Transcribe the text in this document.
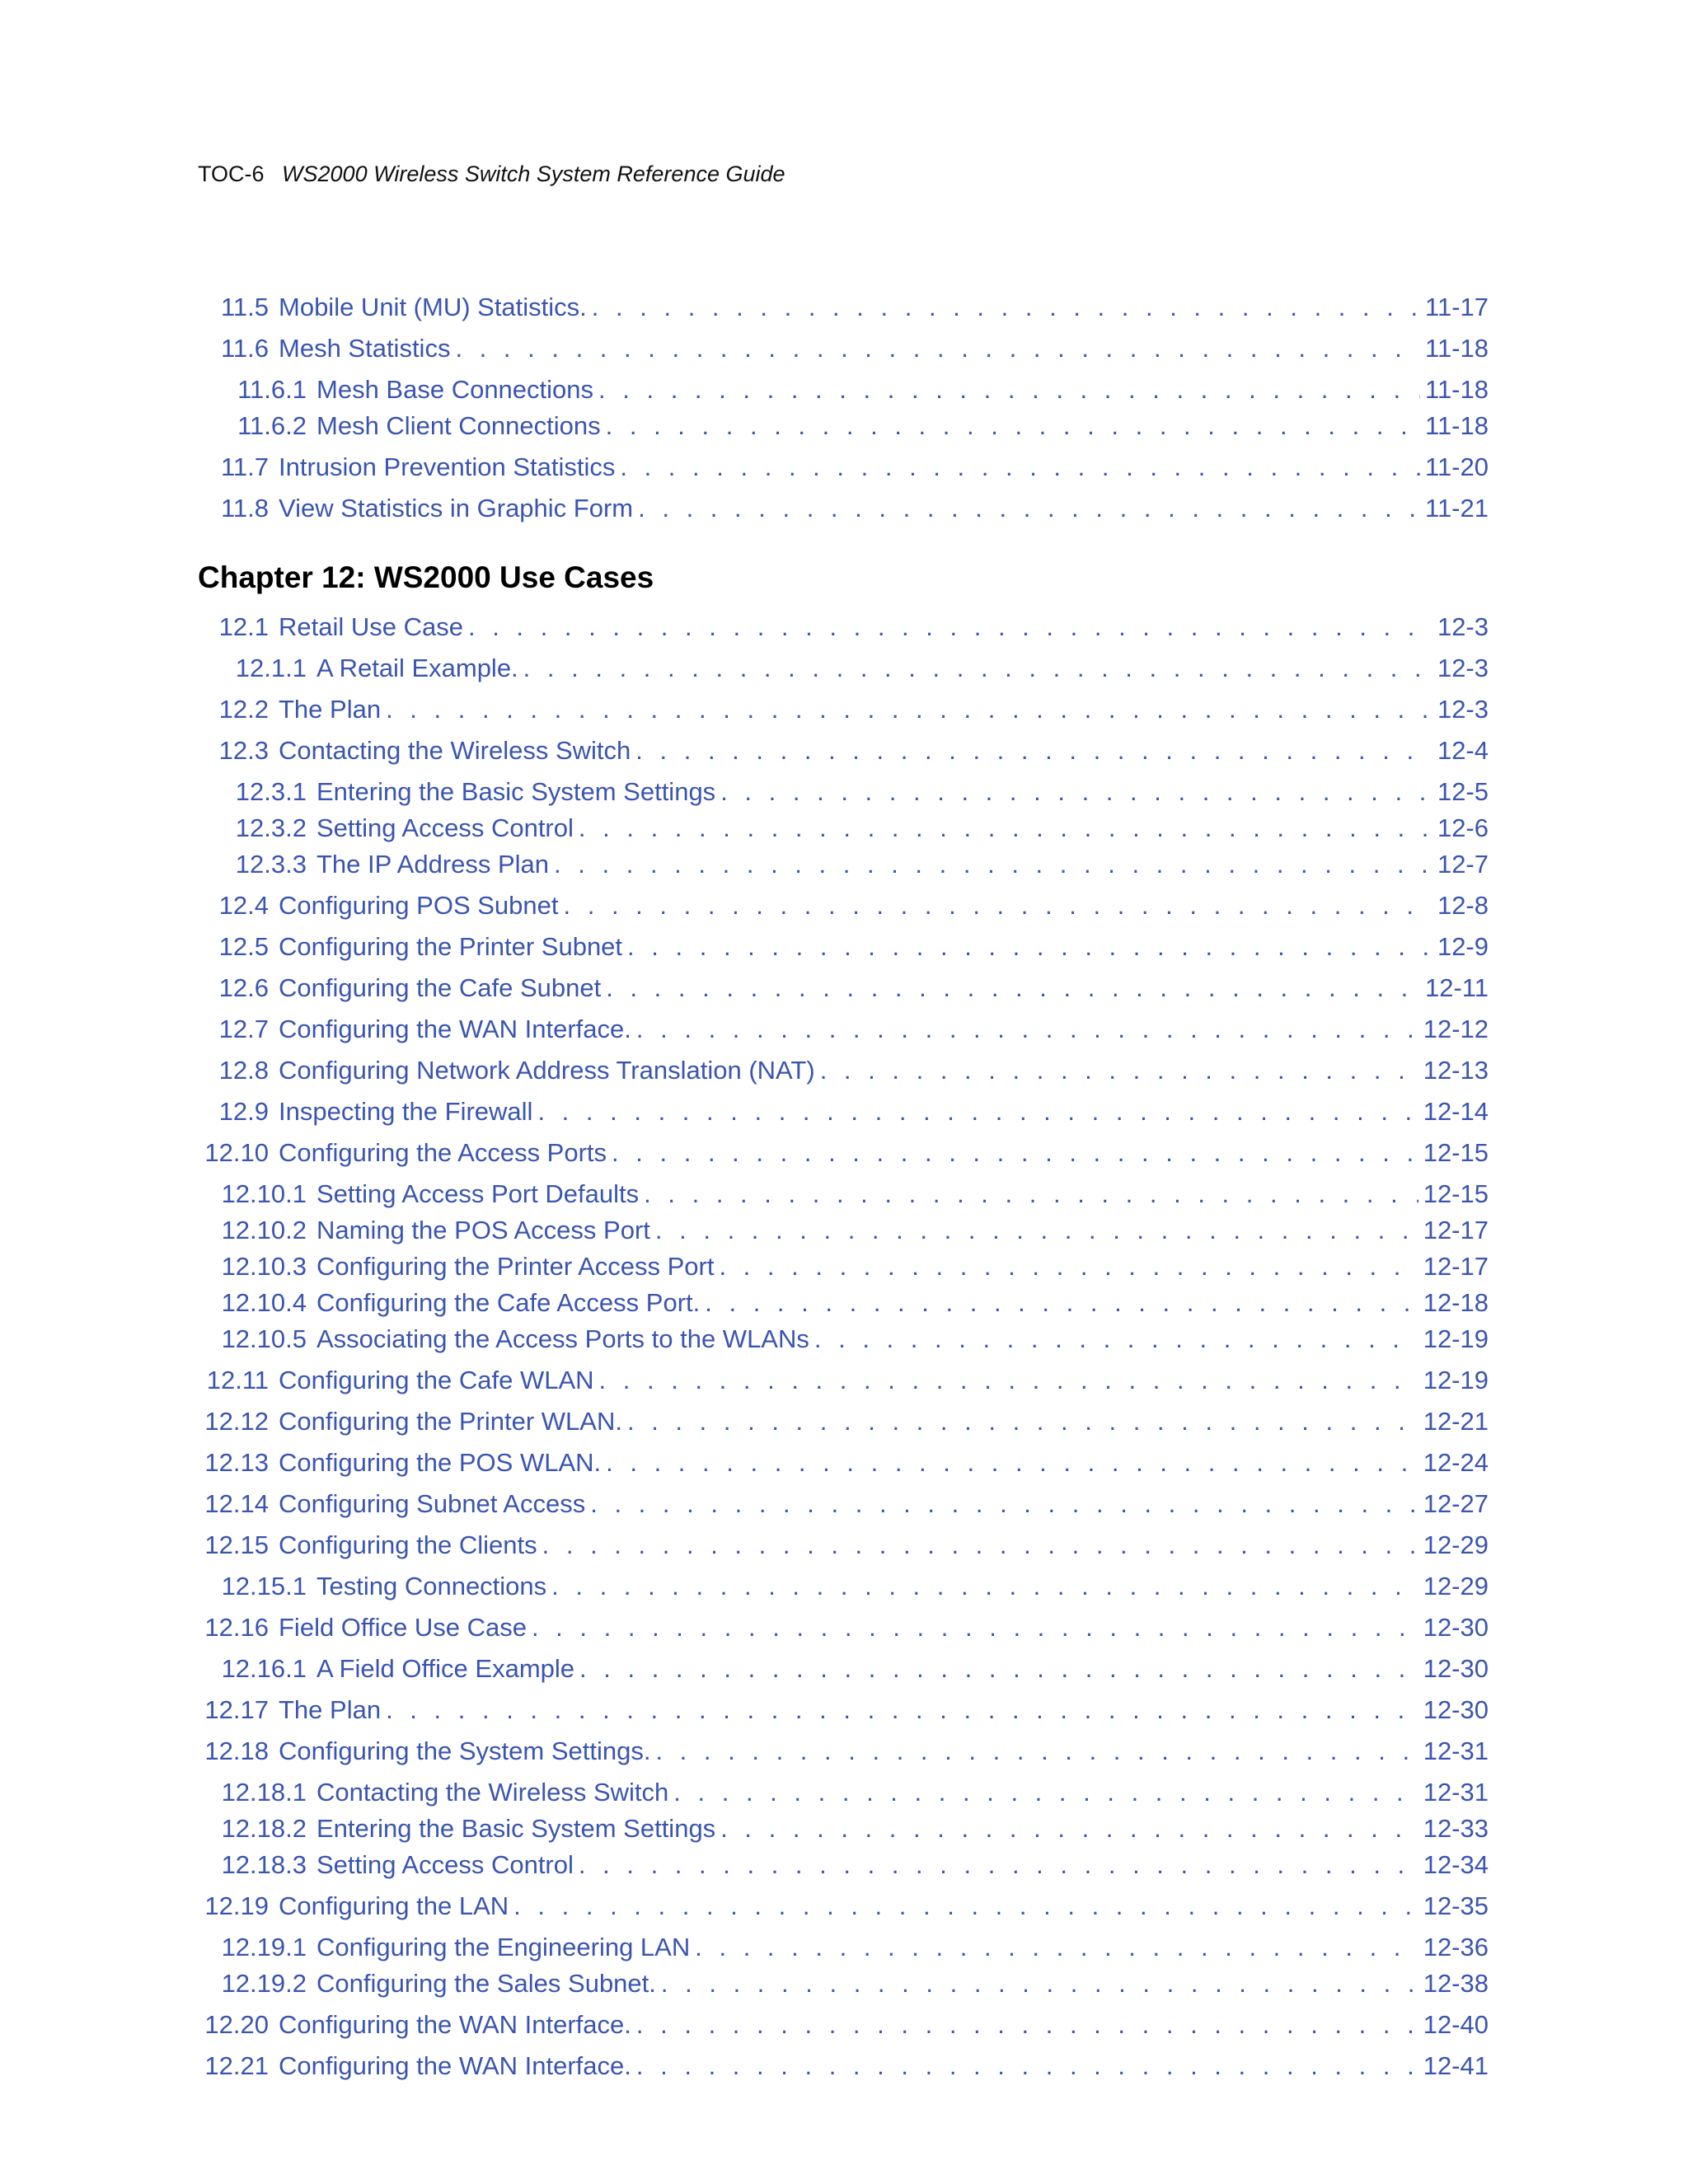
TOC-6 WS2000 Wireless Switch System Reference Guide
Chapter 12: WS2000 Use Cases
11.5 Mobile Unit (MU) Statistics. . . .	11-17
11.6 Mesh Statistics . . .	11-18
11.6.1 Mesh Base Connections . . .	11-18
11.6.2 Mesh Client Connections . . .	11-18
11.7 Intrusion Prevention Statistics . . .	11-20
11.8 View Statistics in Graphic Form . . .	11-21
12.1 Retail Use Case . . .	12-3
12.1.1 A Retail Example. . . .	12-3
12.2 The Plan . . .	12-3
12.3 Contacting the Wireless Switch . . .	12-4
12.3.1 Entering the Basic System Settings . . .	12-5
12.3.2 Setting Access Control . . .	12-6
12.3.3 The IP Address Plan . . .	12-7
12.4 Configuring POS Subnet . . .	12-8
12.5 Configuring the Printer Subnet . . .	12-9
12.6 Configuring the Cafe Subnet . . .	12-11
12.7 Configuring the WAN Interface. . . .	12-12
12.8 Configuring Network Address Translation (NAT) . . .	12-13
12.9 Inspecting the Firewall . . .	12-14
12.10 Configuring the Access Ports . . .	12-15
12.10.1 Setting Access Port Defaults . . .	12-15
12.10.2 Naming the POS Access Port . . .	12-17
12.10.3 Configuring the Printer Access Port . . .	12-17
12.10.4 Configuring the Cafe Access Port. . . .	12-18
12.10.5 Associating the Access Ports to the WLANs . . .	12-19
12.11 Configuring the Cafe WLAN . . .	12-19
12.12 Configuring the Printer WLAN. . . .	12-21
12.13 Configuring the POS WLAN. . . .	12-24
12.14 Configuring Subnet Access . . .	12-27
12.15 Configuring the Clients . . .	12-29
12.15.1 Testing Connections . . .	12-29
12.16 Field Office Use Case . . .	12-30
12.16.1 A Field Office Example . . .	12-30
12.17 The Plan . . .	12-30
12.18 Configuring the System Settings. . . .	12-31
12.18.1 Contacting the Wireless Switch . . .	12-31
12.18.2 Entering the Basic System Settings . . .	12-33
12.18.3 Setting Access Control . . .	12-34
12.19 Configuring the LAN . . .	12-35
12.19.1 Configuring the Engineering LAN . . .	12-36
12.19.2 Configuring the Sales Subnet. . . .	12-38
12.20 Configuring the WAN Interface. . . .	12-40
12.21 Configuring the WAN Interface. . . .	12-41
